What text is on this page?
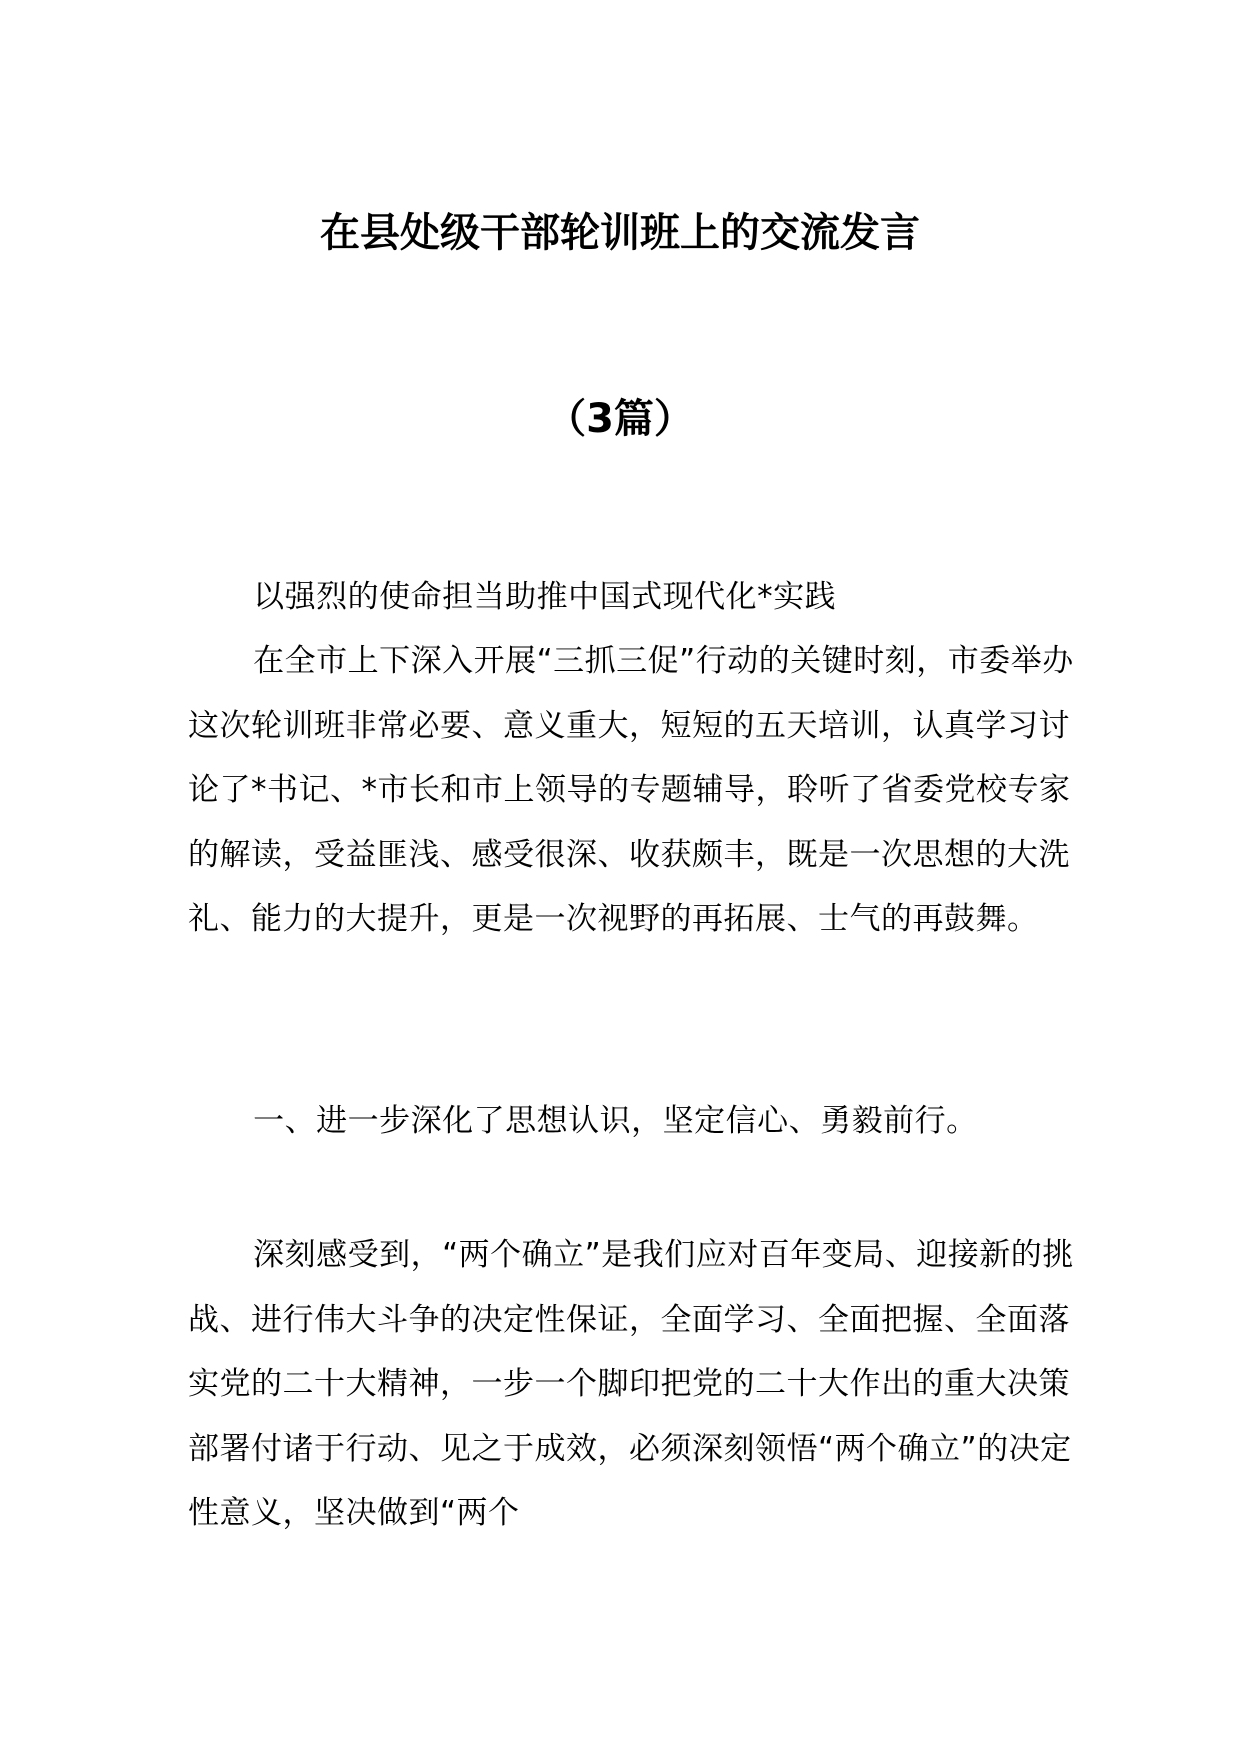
在县处级干部轮训班上的交流发言
（3篇）

以强烈的使命担当助推中国式现代化*实践

在全市上下深入开展“三抓三促”行动的关键时刻，市委举办这次轮训班非常必要、意义重大，短短的五天培训，认真学习讨论了*书记、*市长和市上领导的专题辅导，聆听了省委党校专家的解读，受益匪浅、感受很深、收获颇丰，既是一次思想的大洗礼、能力的大提升，更是一次视野的再拓展、士气的再鼓舞。

一、进一步深化了思想认识，坚定信心、勇毅前行。

深刻感受到，“两个确立”是我们应对百年变局、迎接新的挑战、进行伟大斗争的决定性保证，全面学习、全面把握、全面落实党的二十大精神，一步一个脚印把党的二十大作出的重大决策部署付诸于行动、见之于成效，必须深刻领悟“两个确立”的决定性意义，坚决做到“两个
